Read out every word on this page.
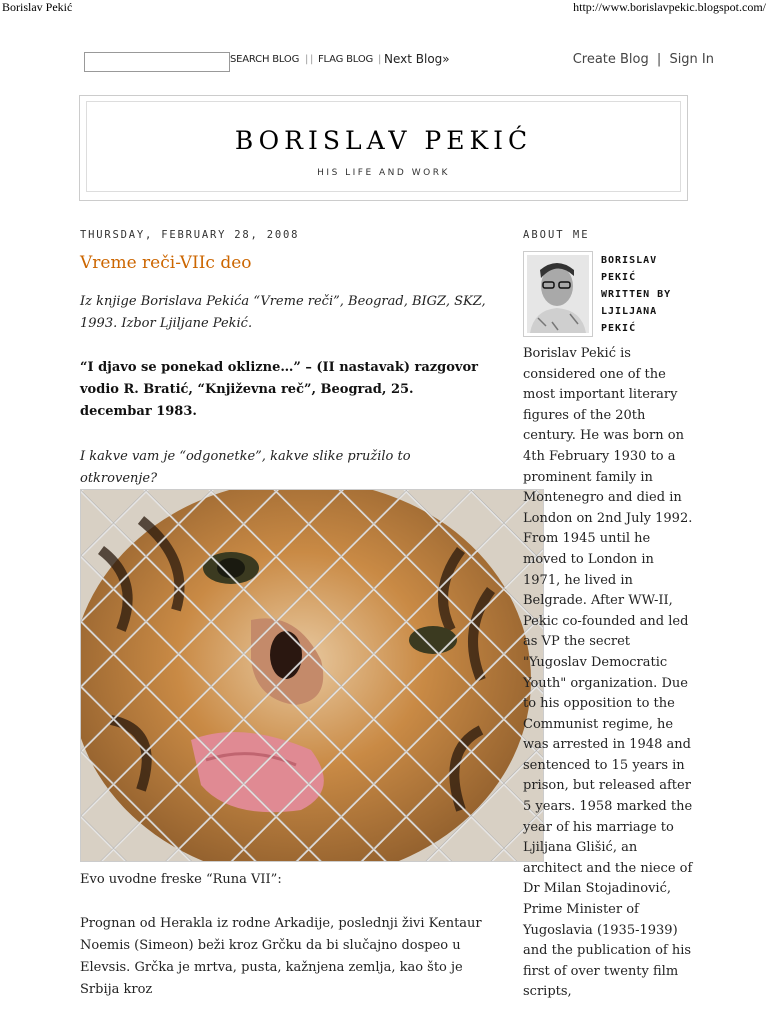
Borislav Pekić	http://www.borislavpekic.blogspot.com/
SEARCH BLOG | | FLAG BLOG | Next Blog»	Create Blog | Sign In
BORISLAV PEKIĆ
HIS LIFE AND WORK
THURSDAY, FEBRUARY 28, 2008
Vreme reči-VIIc deo
Iz knjige Borislava Pekića “Vreme reči”, Beograd, BIGZ, SKZ, 1993. Izbor Ljiljane Pekić.
“I djavo se ponekad oklizne…” – (II nastavak) razgovor vodio R. Bratić, “Književna reč”, Beograd, 25. decembar 1983.
I kakve vam je “odgonetke”, kakve slike pružilo to otkrovenje?
Evo uvodne freske “Runa VII”:
Prognan od Herakla iz rodne Arkadije, poslednji živi Kentaur Noemis (Simeon) beži kroz Grčku da bi slučajno dospeo u Elevsis. Grčka je mrtva, pusta, kažnjena zemlja, kao što je Srbija kroz
ABOUT ME
BORISLAV PEKIĆ WRITTEN BY LJILJANA PEKIĆ
Borislav Pekić is considered one of the most important literary figures of the 20th century. He was born on 4th February 1930 to a prominent family in Montenegro and died in London on 2nd July 1992. From 1945 until he moved to London in 1971, he lived in Belgrade. After WW-II, Pekic co-founded and led as VP the secret "Yugoslav Democratic Youth" organization. Due to his opposition to the Communist regime, he was arrested in 1948 and sentenced to 15 years in prison, but released after 5 years. 1958 marked the year of his marriage to Ljiljana Glišić, an architect and the niece of Dr Milan Stojadinović, Prime Minister of Yugoslavia (1935-1939) and the publication of his first of over twenty film scripts,
